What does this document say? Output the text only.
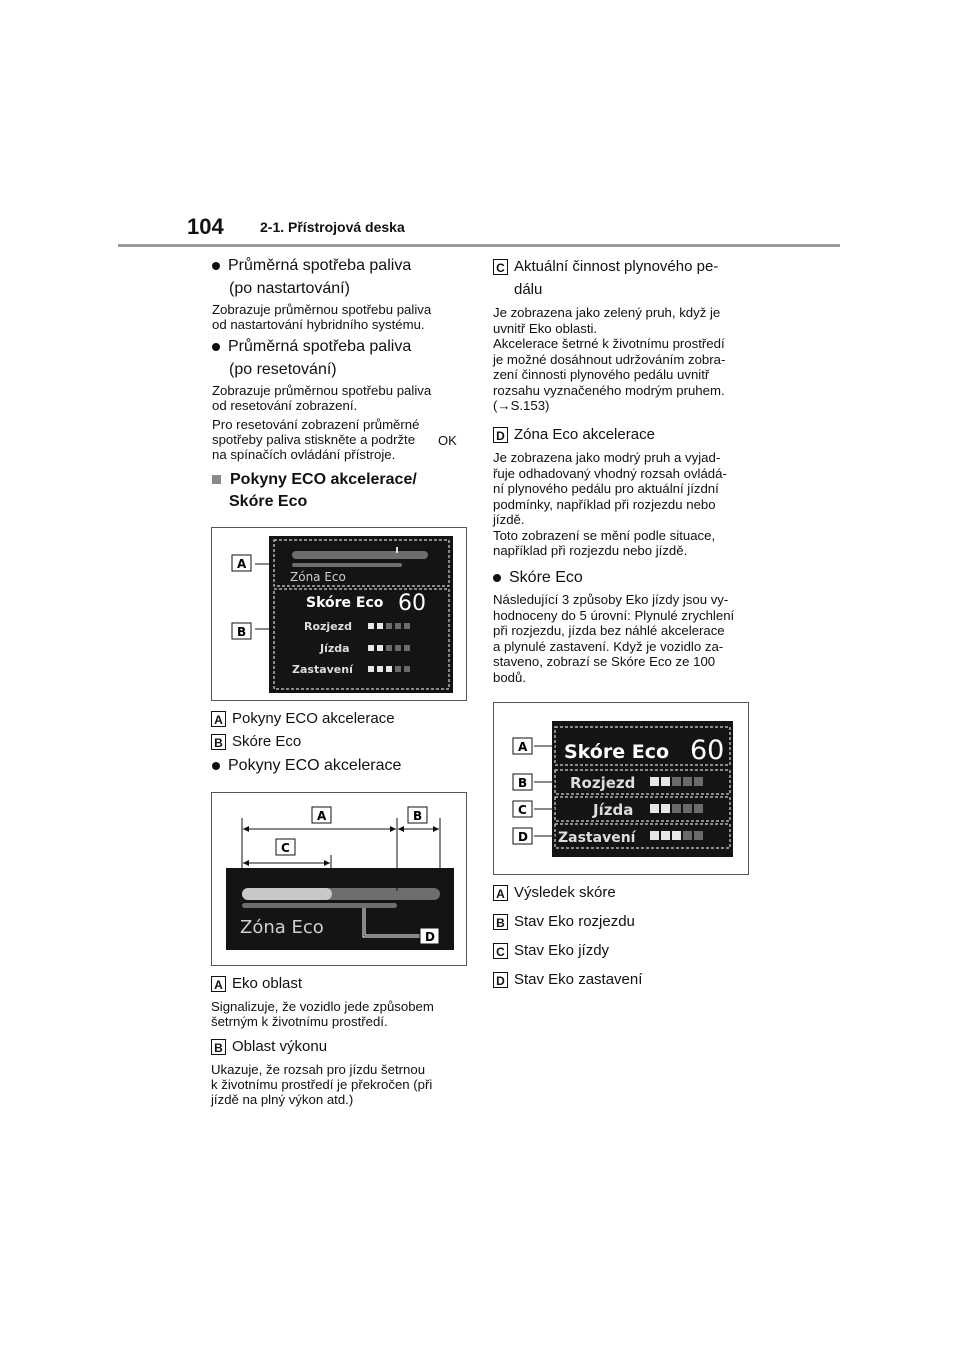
104	2-1. Přístrojová deska
Průměrná spotřeba paliva
(po nastartování)
Zobrazuje průměrnou spotřebu paliva
od nastartování hybridního systému.
Průměrná spotřeba paliva
(po resetování)
Zobrazuje průměrnou spotřebu paliva
od resetování zobrazení.
Pro resetování zobrazení průměrné
spotřeby paliva stiskněte a podržte OK
na spínačích ovládání přístroje.
Pokyny ECO akcelerace/
Skóre Eco
Zóna Eco
Skóre Eco 60
Rozjezd
Jízda
Zastavení
A
B
A Pokyny ECO akcelerace
B Skóre Eco
Pokyny ECO akcelerace
Zóna Eco
A	B
C
D
A Eko oblast
Signalizuje, že vozidlo jede způsobem
šetrným k životnímu prostředí.
B Oblast výkonu
Ukazuje, že rozsah pro jízdu šetrnou
k životnímu prostředí je překročen (při
jízdě na plný výkon atd.)
C Aktuální činnost plynového pe-
dálu
Je zobrazena jako zelený pruh, když je
uvnitř Eko oblasti.
Akcelerace šetrné k životnímu prostředí
je možné dosáhnout udržováním zobra-
zení činnosti plynového pedálu uvnitř
rozsahu vyznačeného modrým pruhem.
(→S.153)
D Zóna Eco akcelerace
Je zobrazena jako modrý pruh a vyjad-
řuje odhadovaný vhodný rozsah ovládá-
ní plynového pedálu pro aktuální jízdní
podmínky, například při rozjezdu nebo
jízdě.
Toto zobrazení se mění podle situace,
například při rozjezdu nebo jízdě.
Skóre Eco
Následující 3 způsoby Eko jízdy jsou vy-
hodnoceny do 5 úrovní: Plynulé zrychlení
při rozjezdu, jízda bez náhlé akcelerace
a plynulé zastavení. Když je vozidlo za-
staveno, zobrazí se Skóre Eco ze 100
bodů.
Skóre Eco 60
Rozjezd
Jízda
Zastavení
A
B
C
D
A Výsledek skóre
B Stav Eko rozjezdu
C Stav Eko jízdy
D Stav Eko zastavení
